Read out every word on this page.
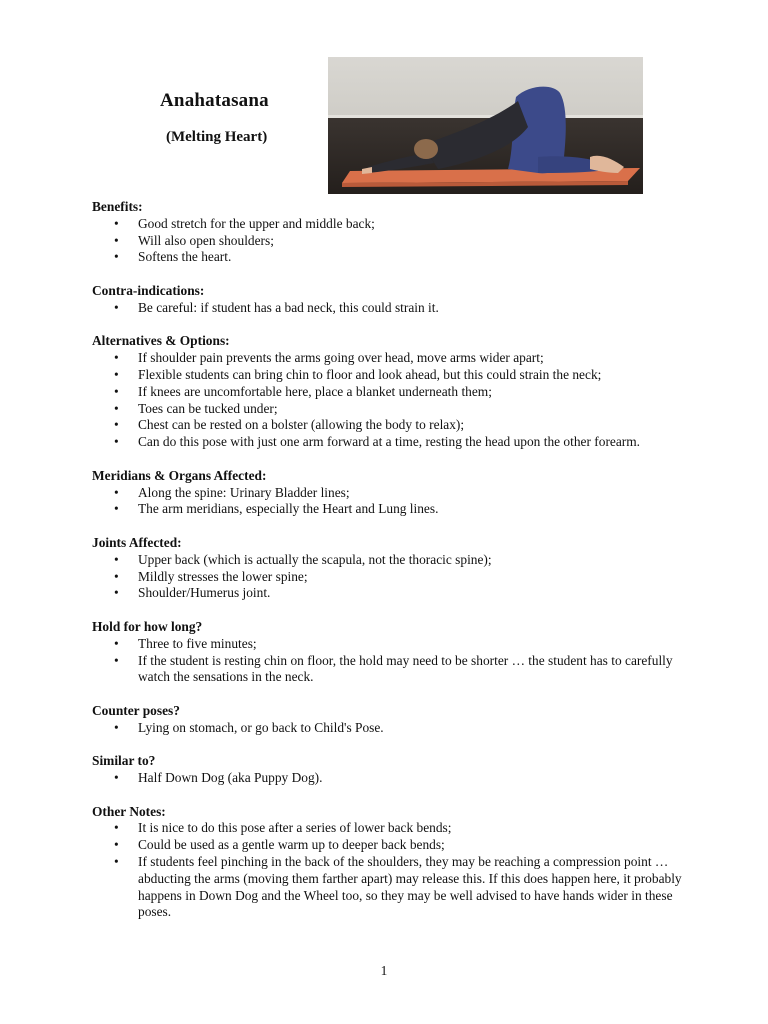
Anahatasana
(Melting Heart)
Benefits:
• Good stretch for the upper and middle back;
• Will also open shoulders;
• Softens the heart.
Contra-indications:
• Be careful: if student has a bad neck, this could strain it.
Alternatives & Options:
• If shoulder pain prevents the arms going over head, move arms wider apart;
• Flexible students can bring chin to floor and look ahead, but this could strain the neck;
• If knees are uncomfortable here, place a blanket underneath them;
• Toes can be tucked under;
• Chest can be rested on a bolster (allowing the body to relax);
• Can do this pose with just one arm forward at a time, resting the head upon the other forearm.
Meridians & Organs Affected:
• Along the spine: Urinary Bladder lines;
• The arm meridians, especially the Heart and Lung lines.
Joints Affected:
• Upper back (which is actually the scapula, not the thoracic spine);
• Mildly stresses the lower spine;
• Shoulder/Humerus joint.
Hold for how long?
• Three to five minutes;
• If the student is resting chin on floor, the hold may need to be shorter … the student has to carefully watch the sensations in the neck.
Counter poses?
• Lying on stomach, or go back to Child's Pose.
Similar to?
• Half Down Dog (aka Puppy Dog).
Other Notes:
• It is nice to do this pose after a series of lower back bends;
• Could be used as a gentle warm up to deeper back bends;
• If students feel pinching in the back of the shoulders, they may be reaching a compression point … abducting the arms (moving them farther apart) may release this. If this does happen here, it probably happens in Down Dog and the Wheel too, so they may be well advised to have hands wider in these poses.
1
